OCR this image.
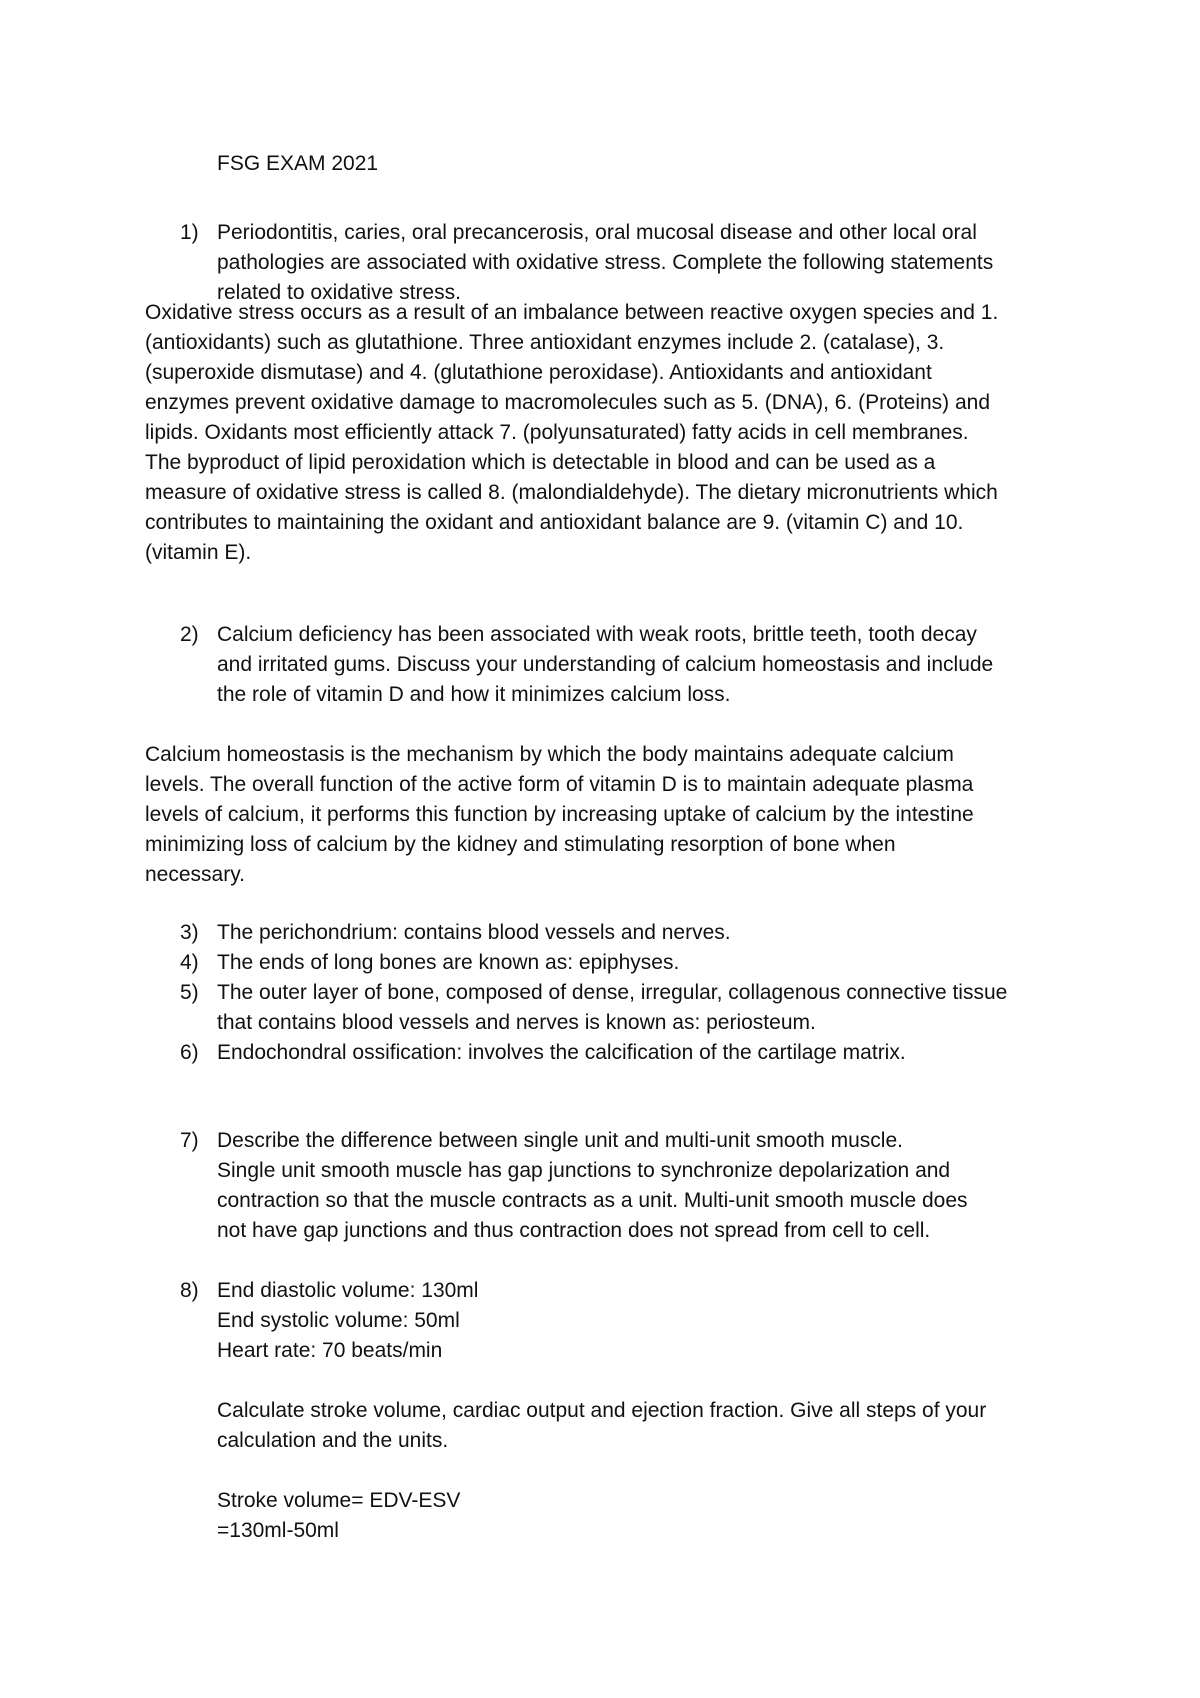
FSG EXAM 2021
1) Periodontitis, caries, oral precancerosis, oral mucosal disease and other local oral
pathologies are associated with oxidative stress. Complete the following statements
related to oxidative stress.
Oxidative stress occurs as a result of an imbalance between reactive oxygen species and 1.
(antioxidants) such as glutathione. Three antioxidant enzymes include 2. (catalase), 3.
(superoxide dismutase) and 4. (glutathione peroxidase). Antioxidants and antioxidant
enzymes prevent oxidative damage to macromolecules such as 5. (DNA), 6. (Proteins) and
lipids. Oxidants most efficiently attack 7. (polyunsaturated) fatty acids in cell membranes.
The byproduct of lipid peroxidation which is detectable in blood and can be used as a
measure of oxidative stress is called 8. (malondialdehyde). The dietary micronutrients which
contributes to maintaining the oxidant and antioxidant balance are 9. (vitamin C) and 10.
(vitamin E).
2) Calcium deficiency has been associated with weak roots, brittle teeth, tooth decay
and irritated gums. Discuss your understanding of calcium homeostasis and include
the role of vitamin D and how it minimizes calcium loss.
Calcium homeostasis is the mechanism by which the body maintains adequate calcium
levels. The overall function of the active form of vitamin D is to maintain adequate plasma
levels of calcium, it performs this function by increasing uptake of calcium by the intestine
minimizing loss of calcium by the kidney and stimulating resorption of bone when
necessary.
3) The perichondrium: contains blood vessels and nerves.
4) The ends of long bones are known as: epiphyses.
5) The outer layer of bone, composed of dense, irregular, collagenous connective tissue
that contains blood vessels and nerves is known as: periosteum.
6) Endochondral ossification: involves the calcification of the cartilage matrix.
7) Describe the difference between single unit and multi-unit smooth muscle.
Single unit smooth muscle has gap junctions to synchronize depolarization and
contraction so that the muscle contracts as a unit. Multi-unit smooth muscle does
not have gap junctions and thus contraction does not spread from cell to cell.
8) End diastolic volume: 130ml
End systolic volume: 50ml
Heart rate: 70 beats/min
Calculate stroke volume, cardiac output and ejection fraction. Give all steps of your
calculation and the units.
Stroke volume= EDV-ESV
=130ml-50ml
